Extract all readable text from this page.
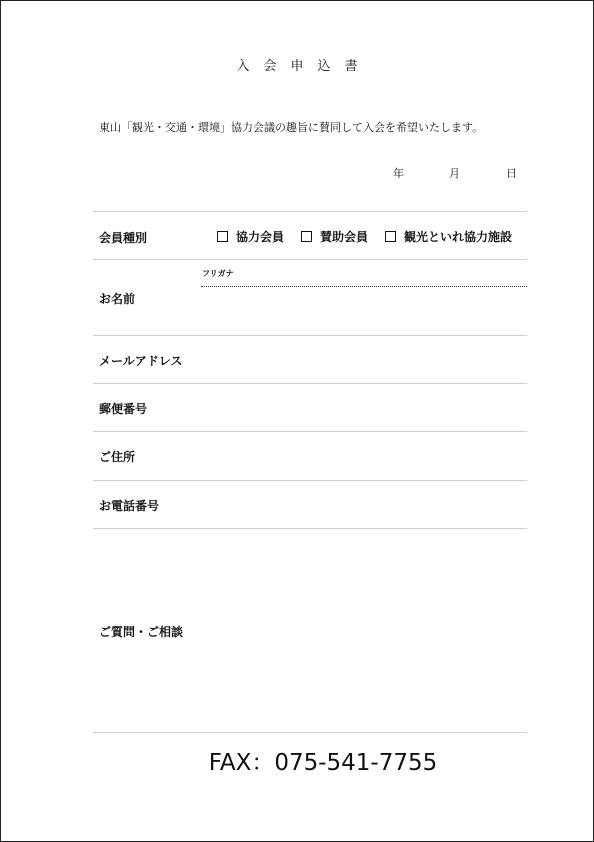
入会申込書
東山「観光・交通・環境」協力会議の趣旨に賛同して入会を希望いたします。
年	月	日
会員種別	協力会員	賛助会員	観光といれ協力施設
フリガナ
お名前
メールアドレス
郵便番号
ご住所
お電話番号
ご質問・ご相談
FAX：075-541-7755
